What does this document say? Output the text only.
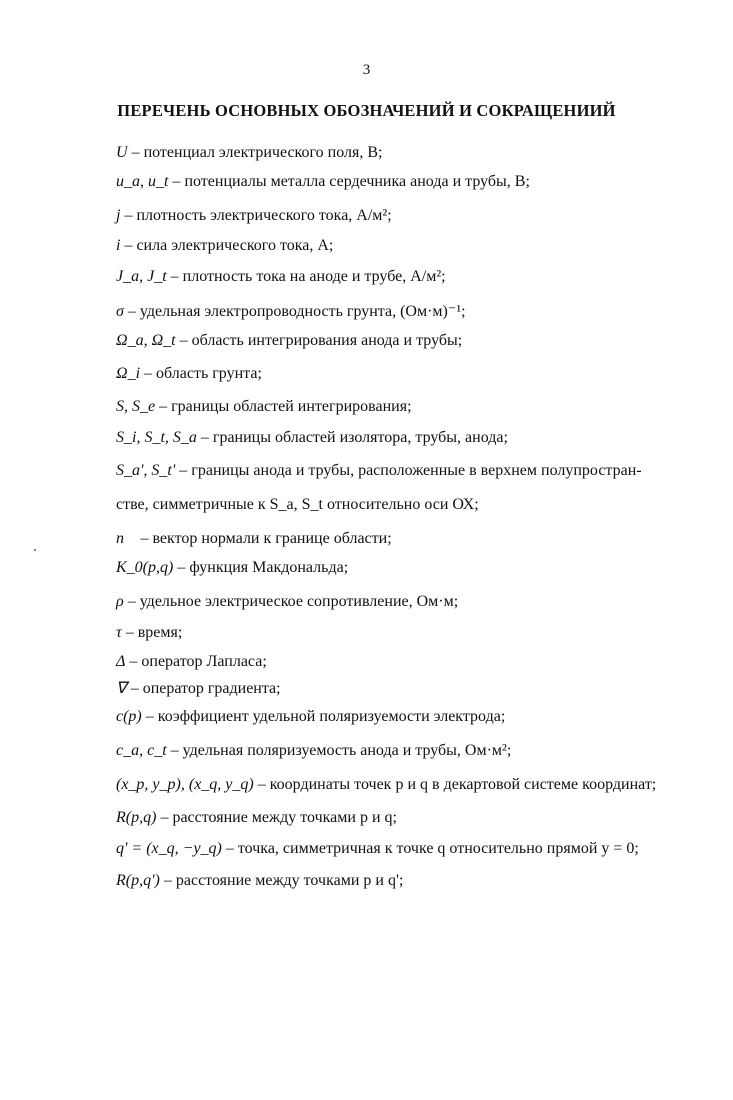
3
ПЕРЕЧЕНЬ ОСНОВНЫХ ОБОЗНАЧЕНИЙ И СОКРАЩЕНИИЙ
U – потенциал электрического поля, В;
u_a, u_t – потенциалы металла сердечника анода и трубы, В;
j – плотность электрического тока, А/м²;
i – сила электрического тока, А;
J_a, J_t – плотность тока на аноде и трубе, А/м²;
σ – удельная электропроводность грунта, (Ом·м)⁻¹;
Ω_a, Ω_t – область интегрирования анода и трубы;
Ω_i – область грунта;
S, S_e – границы областей интегрирования;
S_i, S_t, S_a – границы областей изолятора, трубы, анода;
S_a', S_t' – границы анода и трубы, расположенные в верхнем полупростран-
стве, симметричные к S_a, S_t относительно оси ОХ;
n⃗ – вектор нормали к границе области;
K_0(p,q) – функция Макдональда;
ρ – удельное электрическое сопротивление, Ом·м;
τ – время;
Δ – оператор Лапласа;
∇ – оператор градиента;
c(p) – коэффициент удельной поляризуемости электрода;
c_a, c_t – удельная поляризуемость анода и трубы, Ом·м²;
(x_p, y_p), (x_q, y_q) – координаты точек p и q в декартовой системе координат;
R(p,q) – расстояние между точками p и q;
q' = (x_q, −y_q) – точка, симметричная к точке q относительно прямой y = 0;
R(p,q') – расстояние между точками p и q';
